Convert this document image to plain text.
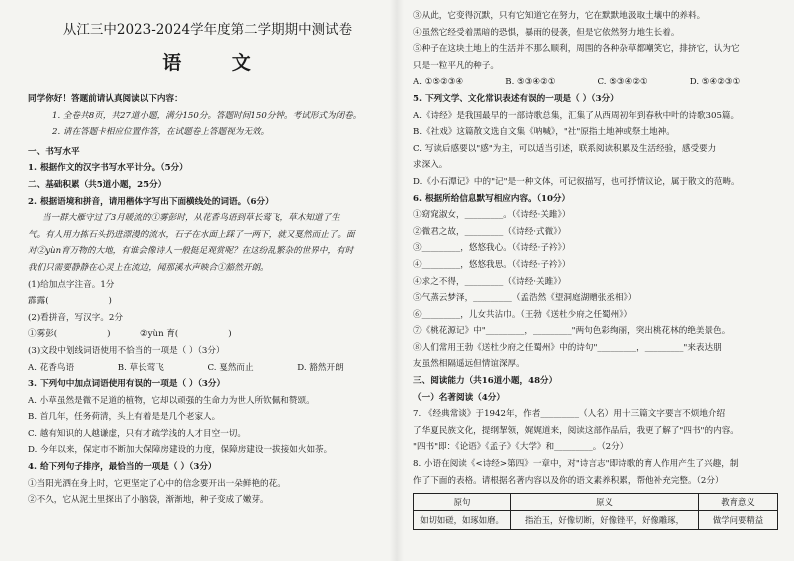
从江三中2023-2024学年度第二学期期中测试卷
语 文
同学你好！答题前请认真阅读以下内容：
1. 全卷共8页，共27道小题，满分150分。答题时间150分钟。考试形式为闭卷。
2. 请在答题卡相应位置作答，在试题卷上答题视为无效。
一、书写水平
1. 根据作文的汉字书写水平计分。（5分）
二、基础积累（共5道小题，25分）
2. 根据语境和拼音，请用楷体字写出下面横线处的词语。（6分）
当一群大雁守过了3月暖流的①雾彭时，从花香鸟语到草长莺飞，草木知道了生
气。有人用力拣石头扔进漂漫的流水，石子在水面上踩了一两下，就又戛然而止了。面
对②yùn育万物的大地，有谁会像诗人一般挺足观赏呢？在这纷乱繁杂的世界中，有时
我们只需要静静在心灵上在流边，闻那溪水声映合①豁然开朗。
(1)给加点字注音。1分
霹露(	)
(2)看拼音，写汉字。2分
①雾彭(	)	②yùn 育(	)
(3)文段中划线词语使用不恰当的一项是（ ）（3分）
A. 花香鸟语	B. 草长莺飞	C. 戛然而止	D. 豁然开朗
3. 下列句中加点词语使用有误的一项是（ ）（3分）
A. 小草虽然是微不足道的植物，它却以顽强的生命力为世人所钦佩和赞颂。
B. 首几年，任务荷清，头上有着是是几个老家人。
C. 越有知识的人越谦虚，只有才疏学浅的人才目空一切。
D. 今年以来，保定市不断加大保障房建设的力度，保障房建设一拔接如火如荼。
4. 给下列句子排序，最恰当的一项是（ ）（3分）
①当阳光洒在身上时，它更坚定了心中的信念要开出一朵鲜艳的花。
②不久，它从泥土里探出了小脑袋，渐渐地，种子变成了嫩芽。
③从此，它变得沉默，只有它知道它在努力，它在默默地汲取土壤中的养料。
④虽然它经受着黑暗的恐惧，暴雨的侵袭，但是它依然努力地生长着。
⑤种子在这块土地上的生活并不那么顺利，周围的各种杂草都嘲笑它，排挤它，认为它
只是一粒平凡的种子。
A. ①⑤②③④	B. ⑤③④②①	C. ⑤③④②①	D. ⑤④②③①
5. 下列文学、文化常识表述有误的一项是（ ）（3分）
A.《诗经》是我国最早的一部诗歌总集，汇集了从西周初年到春秋中叶的诗歌305篇。
B.《社戏》这篇散文选自文集《呐喊》，"社"原指土地神或祭土地神。
C. 写读后感要以"感"为主，可以适当引述，联系阅读积累及生活经验，感受要力
求深入。
D.《小石潭记》中的"记"是一种文体，可记叙描写，也可抒情议论，属于散文的范畴。
6. 根据所给信息默写相应内容。（10分）
①窈窕淑女，_________。（《诗经·关雎》）
②微君之故，_________（《诗经·式微》）
③_________，悠悠我心。（《诗经·子衿》）
④_________，悠悠我思。（《诗经·子衿》）
④求之不得，_________（《诗经·关雎》）
⑤气蒸云梦泽，_________（孟浩然《望洞庭湖赠张丞相》）
⑥_________，儿女共沾巾。（王勃《送杜少府之任蜀州》）
⑦《桃花源记》中"_________，_________"两句色彩绚丽，突出桃花林的绝美景色。
⑧人们常用王勃《送杜少府之任蜀州》中的诗句"_________，_________"来表达朋
友虽然相隔遥远但情谊深厚。
三、阅读能力（共16道小题，48分）
（一）名著阅读（4分）
7. 《经典常谈》于1942年，作者_________（人名）用十三篇文字要言不烦地介绍
了华夏民族文化，提纲挈领，娓娓道来，阅读这部作品后，我更了解了"四书"的内容。
"四书"即：《论语》《孟子》《大学》和_________。（2分）
8. 小语在阅读《<诗经>第四》一章中，对"诗言志"即诗歌的育人作用产生了兴趣，制
作了下面的表格。请根据名著内容以及你的语文素养积累，帮他补充完整。（2分）
原句	原义	教育意义
如切如磋，如琢如磨。	指治玉，好像切断，好像锉平，好像雕琢，	做学问要精益
